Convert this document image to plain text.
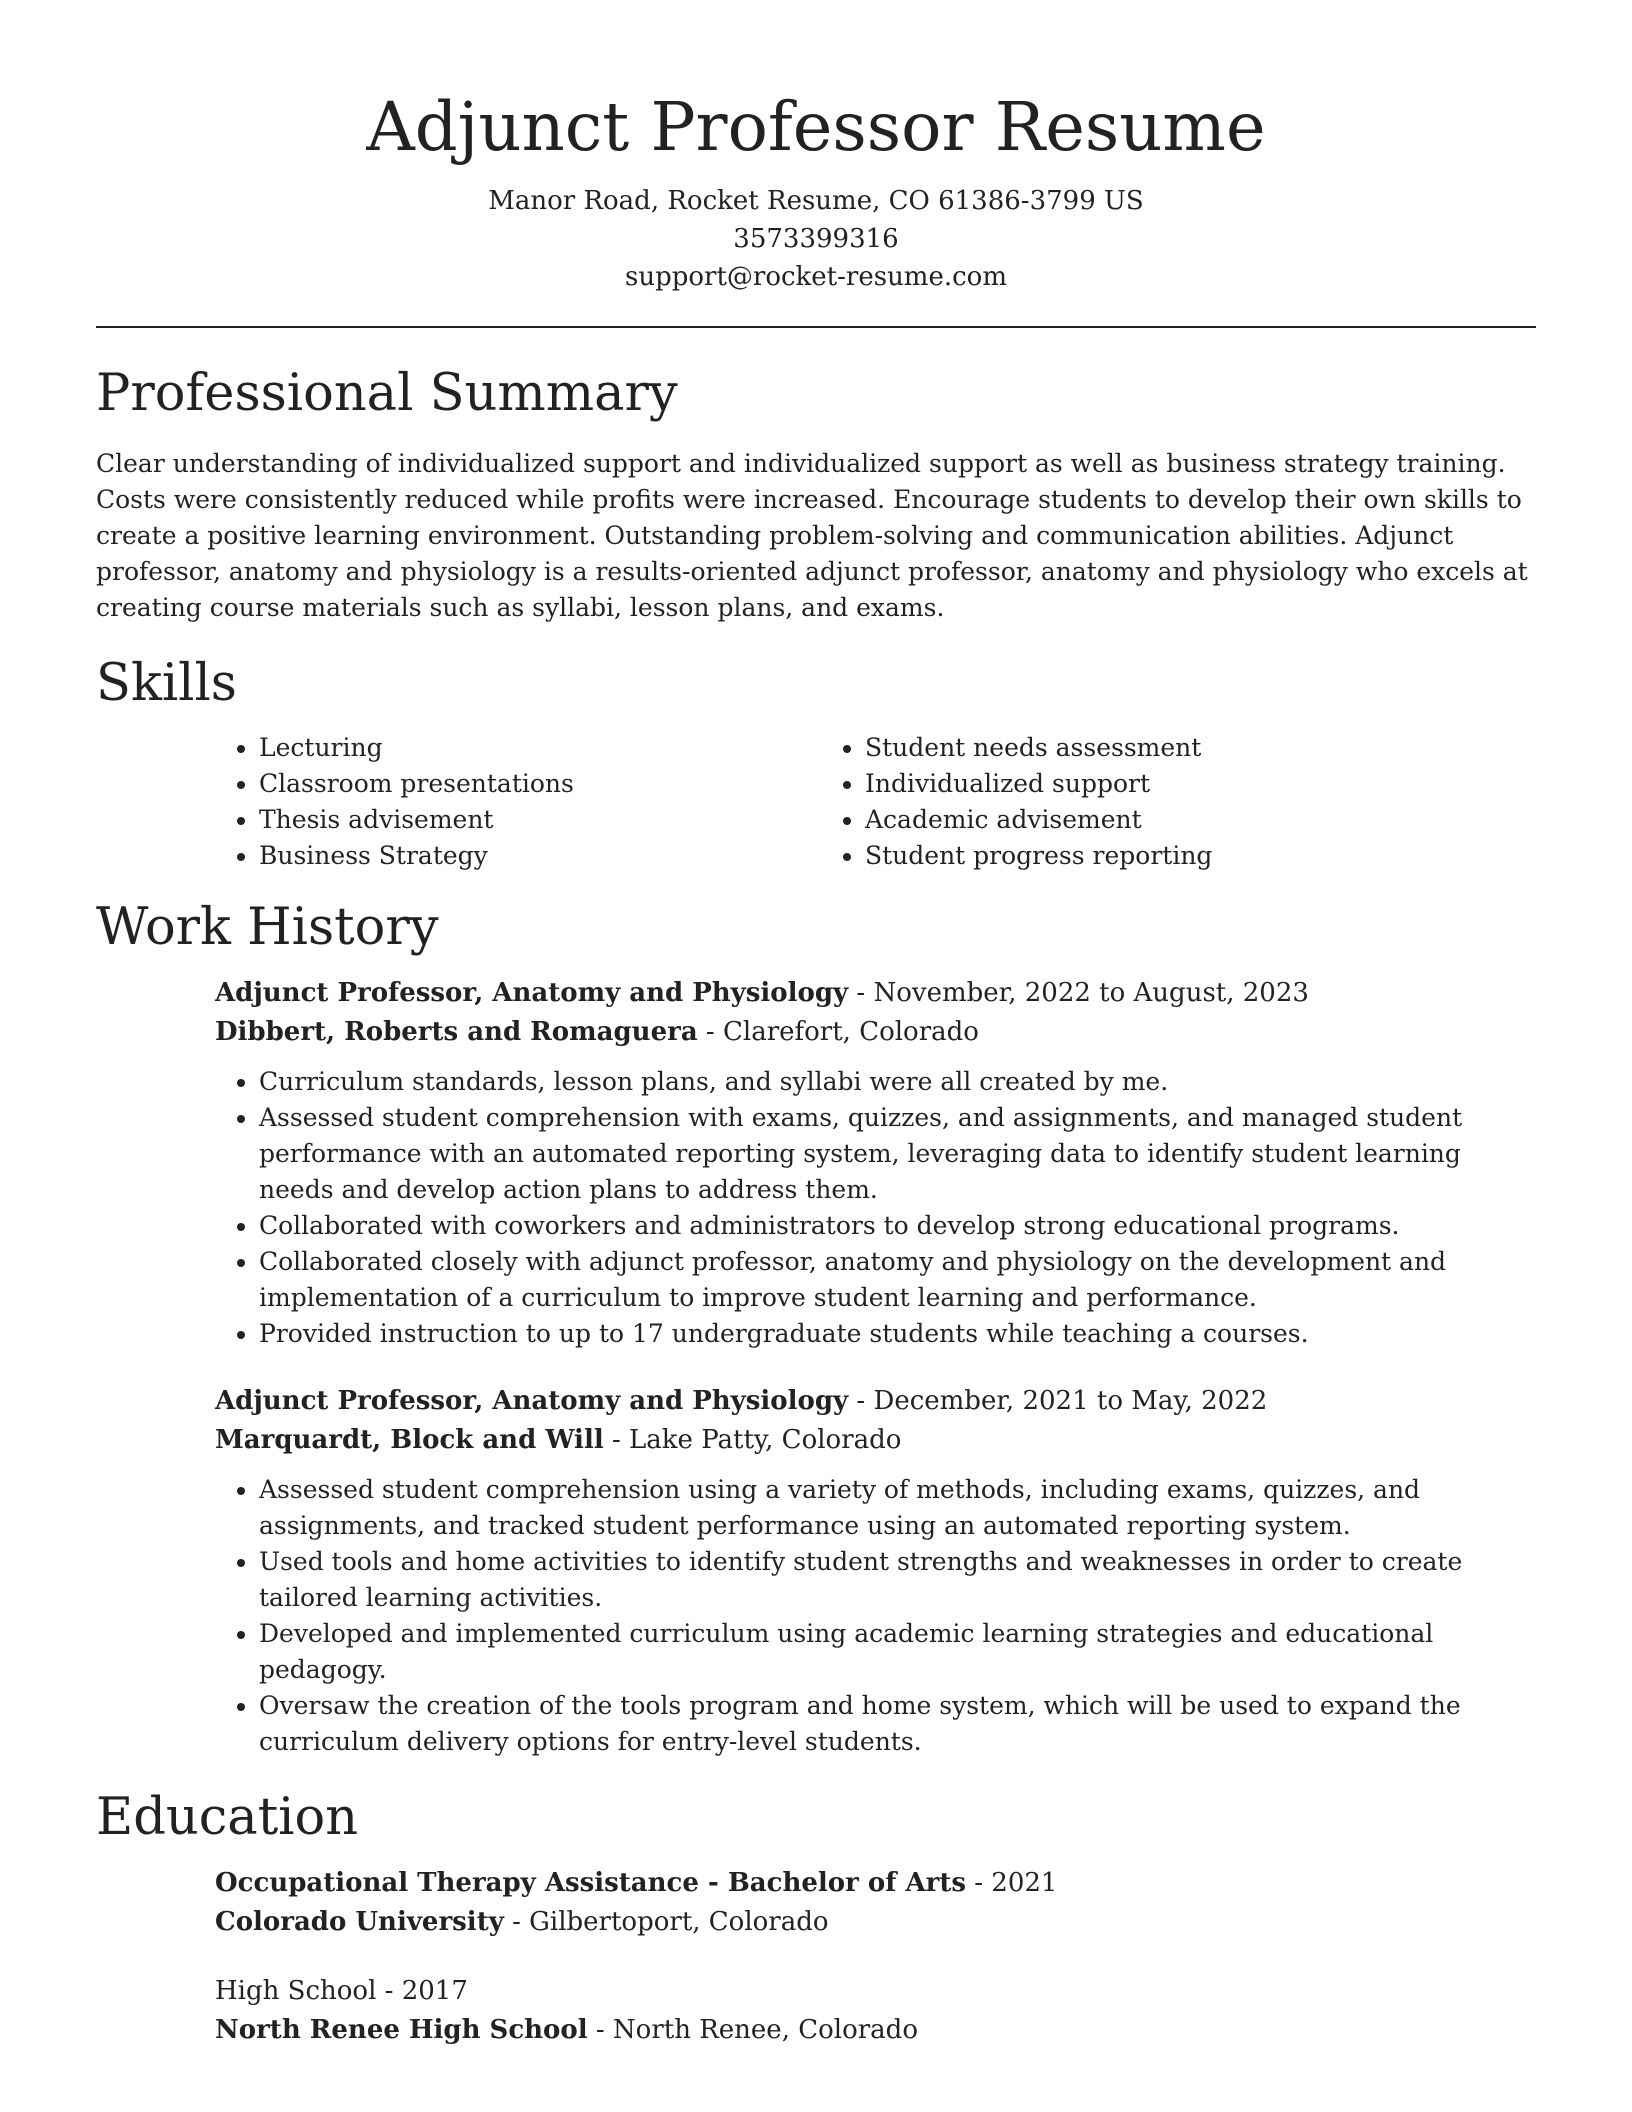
Adjunct Professor Resume
Manor Road, Rocket Resume, CO 61386-3799 US
3573399316
support@rocket-resume.com
Professional Summary

Clear understanding of individualized support and individualized support as well as business strategy training. Costs were consistently reduced while profits were increased. Encourage students to develop their own skills to create a positive learning environment. Outstanding problem-solving and communication abilities. Adjunct professor, anatomy and physiology is a results-oriented adjunct professor, anatomy and physiology who excels at creating course materials such as syllabi, lesson plans, and exams.

Skills
• Lecturing
• Classroom presentations
• Thesis advisement
• Business Strategy
• Student needs assessment
• Individualized support
• Academic advisement
• Student progress reporting
Work History
Adjunct Professor, Anatomy and Physiology - November, 2022 to August, 2023
Dibbert, Roberts and Romaguera - Clarefort, Colorado
• Curriculum standards, lesson plans, and syllabi were all created by me.
• Assessed student comprehension with exams, quizzes, and assignments, and managed student performance with an automated reporting system, leveraging data to identify student learning needs and develop action plans to address them.
• Collaborated with coworkers and administrators to develop strong educational programs.
• Collaborated closely with adjunct professor, anatomy and physiology on the development and implementation of a curriculum to improve student learning and performance.
• Provided instruction to up to 17 undergraduate students while teaching a courses.
Adjunct Professor, Anatomy and Physiology - December, 2021 to May, 2022
Marquardt, Block and Will - Lake Patty, Colorado
• Assessed student comprehension using a variety of methods, including exams, quizzes, and assignments, and tracked student performance using an automated reporting system.
• Used tools and home activities to identify student strengths and weaknesses in order to create tailored learning activities.
• Developed and implemented curriculum using academic learning strategies and educational pedagogy.
• Oversaw the creation of the tools program and home system, which will be used to expand the curriculum delivery options for entry-level students.
Education
Occupational Therapy Assistance - Bachelor of Arts - 2021
Colorado University - Gilbertoport, Colorado
High School - 2017
North Renee High School - North Renee, Colorado
